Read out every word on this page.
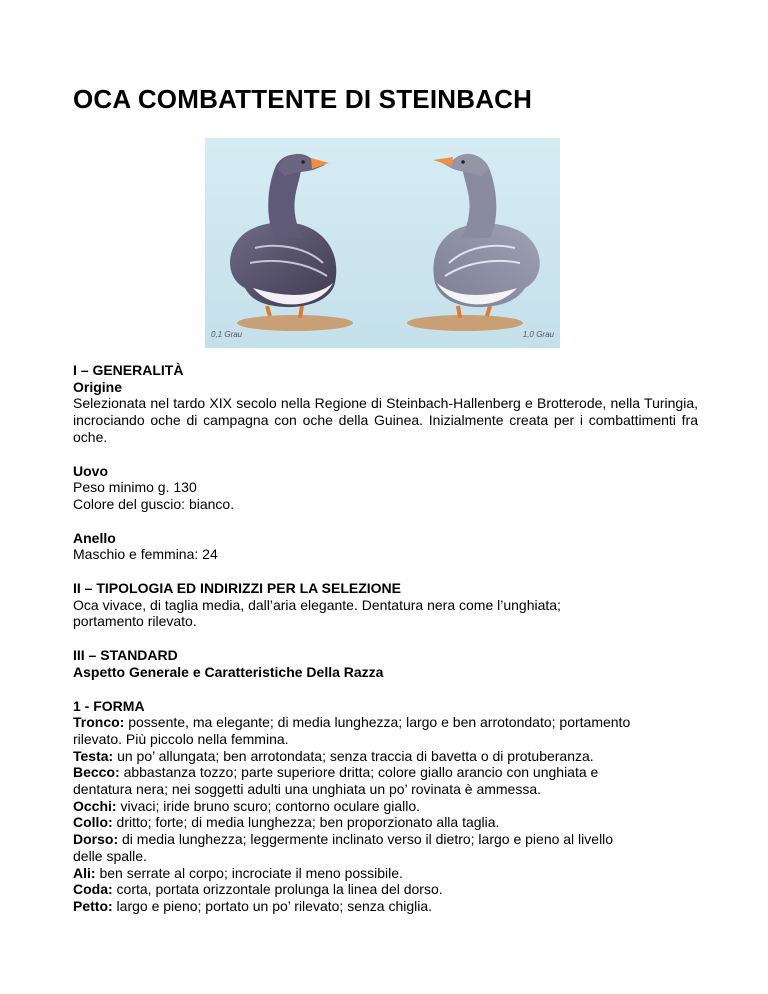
OCA COMBATTENTE DI STEINBACH
0,1 Grau	1,0 Grau

I – GENERALITÀ

Origine

Selezionata nel tardo XIX secolo nella Regione di Steinbach-Hallenberg e Brotterode, nella Turingia, incrociando oche di campagna con oche della Guinea. Inizialmente creata per i combattimenti fra oche.

Uovo

Peso minimo g. 130

Colore del guscio: bianco.

Anello

Maschio e femmina: 24

II – TIPOLOGIA ED INDIRIZZI PER LA SELEZIONE

Oca vivace, di taglia media, dall’aria elegante. Dentatura nera come l’unghiata;

portamento rilevato.

III – STANDARD

Aspetto Generale e Caratteristiche Della Razza

1 - FORMA

Tronco: possente, ma elegante; di media lunghezza; largo e ben arrotondato; portamento

rilevato. Più piccolo nella femmina.

Testa: un po’ allungata; ben arrotondata; senza traccia di bavetta o di protuberanza.

Becco: abbastanza tozzo; parte superiore dritta; colore giallo arancio con unghiata e

dentatura nera; nei soggetti adulti una unghiata un po’ rovinata è ammessa.

Occhi: vivaci; iride bruno scuro; contorno oculare giallo.

Collo: dritto; forte; di media lunghezza; ben proporzionato alla taglia.

Dorso: di media lunghezza; leggermente inclinato verso il dietro; largo e pieno al livello

delle spalle.

Ali: ben serrate al corpo; incrociate il meno possibile.

Coda: corta, portata orizzontale prolunga la linea del dorso.

Petto: largo e pieno; portato un po’ rilevato; senza chiglia.
